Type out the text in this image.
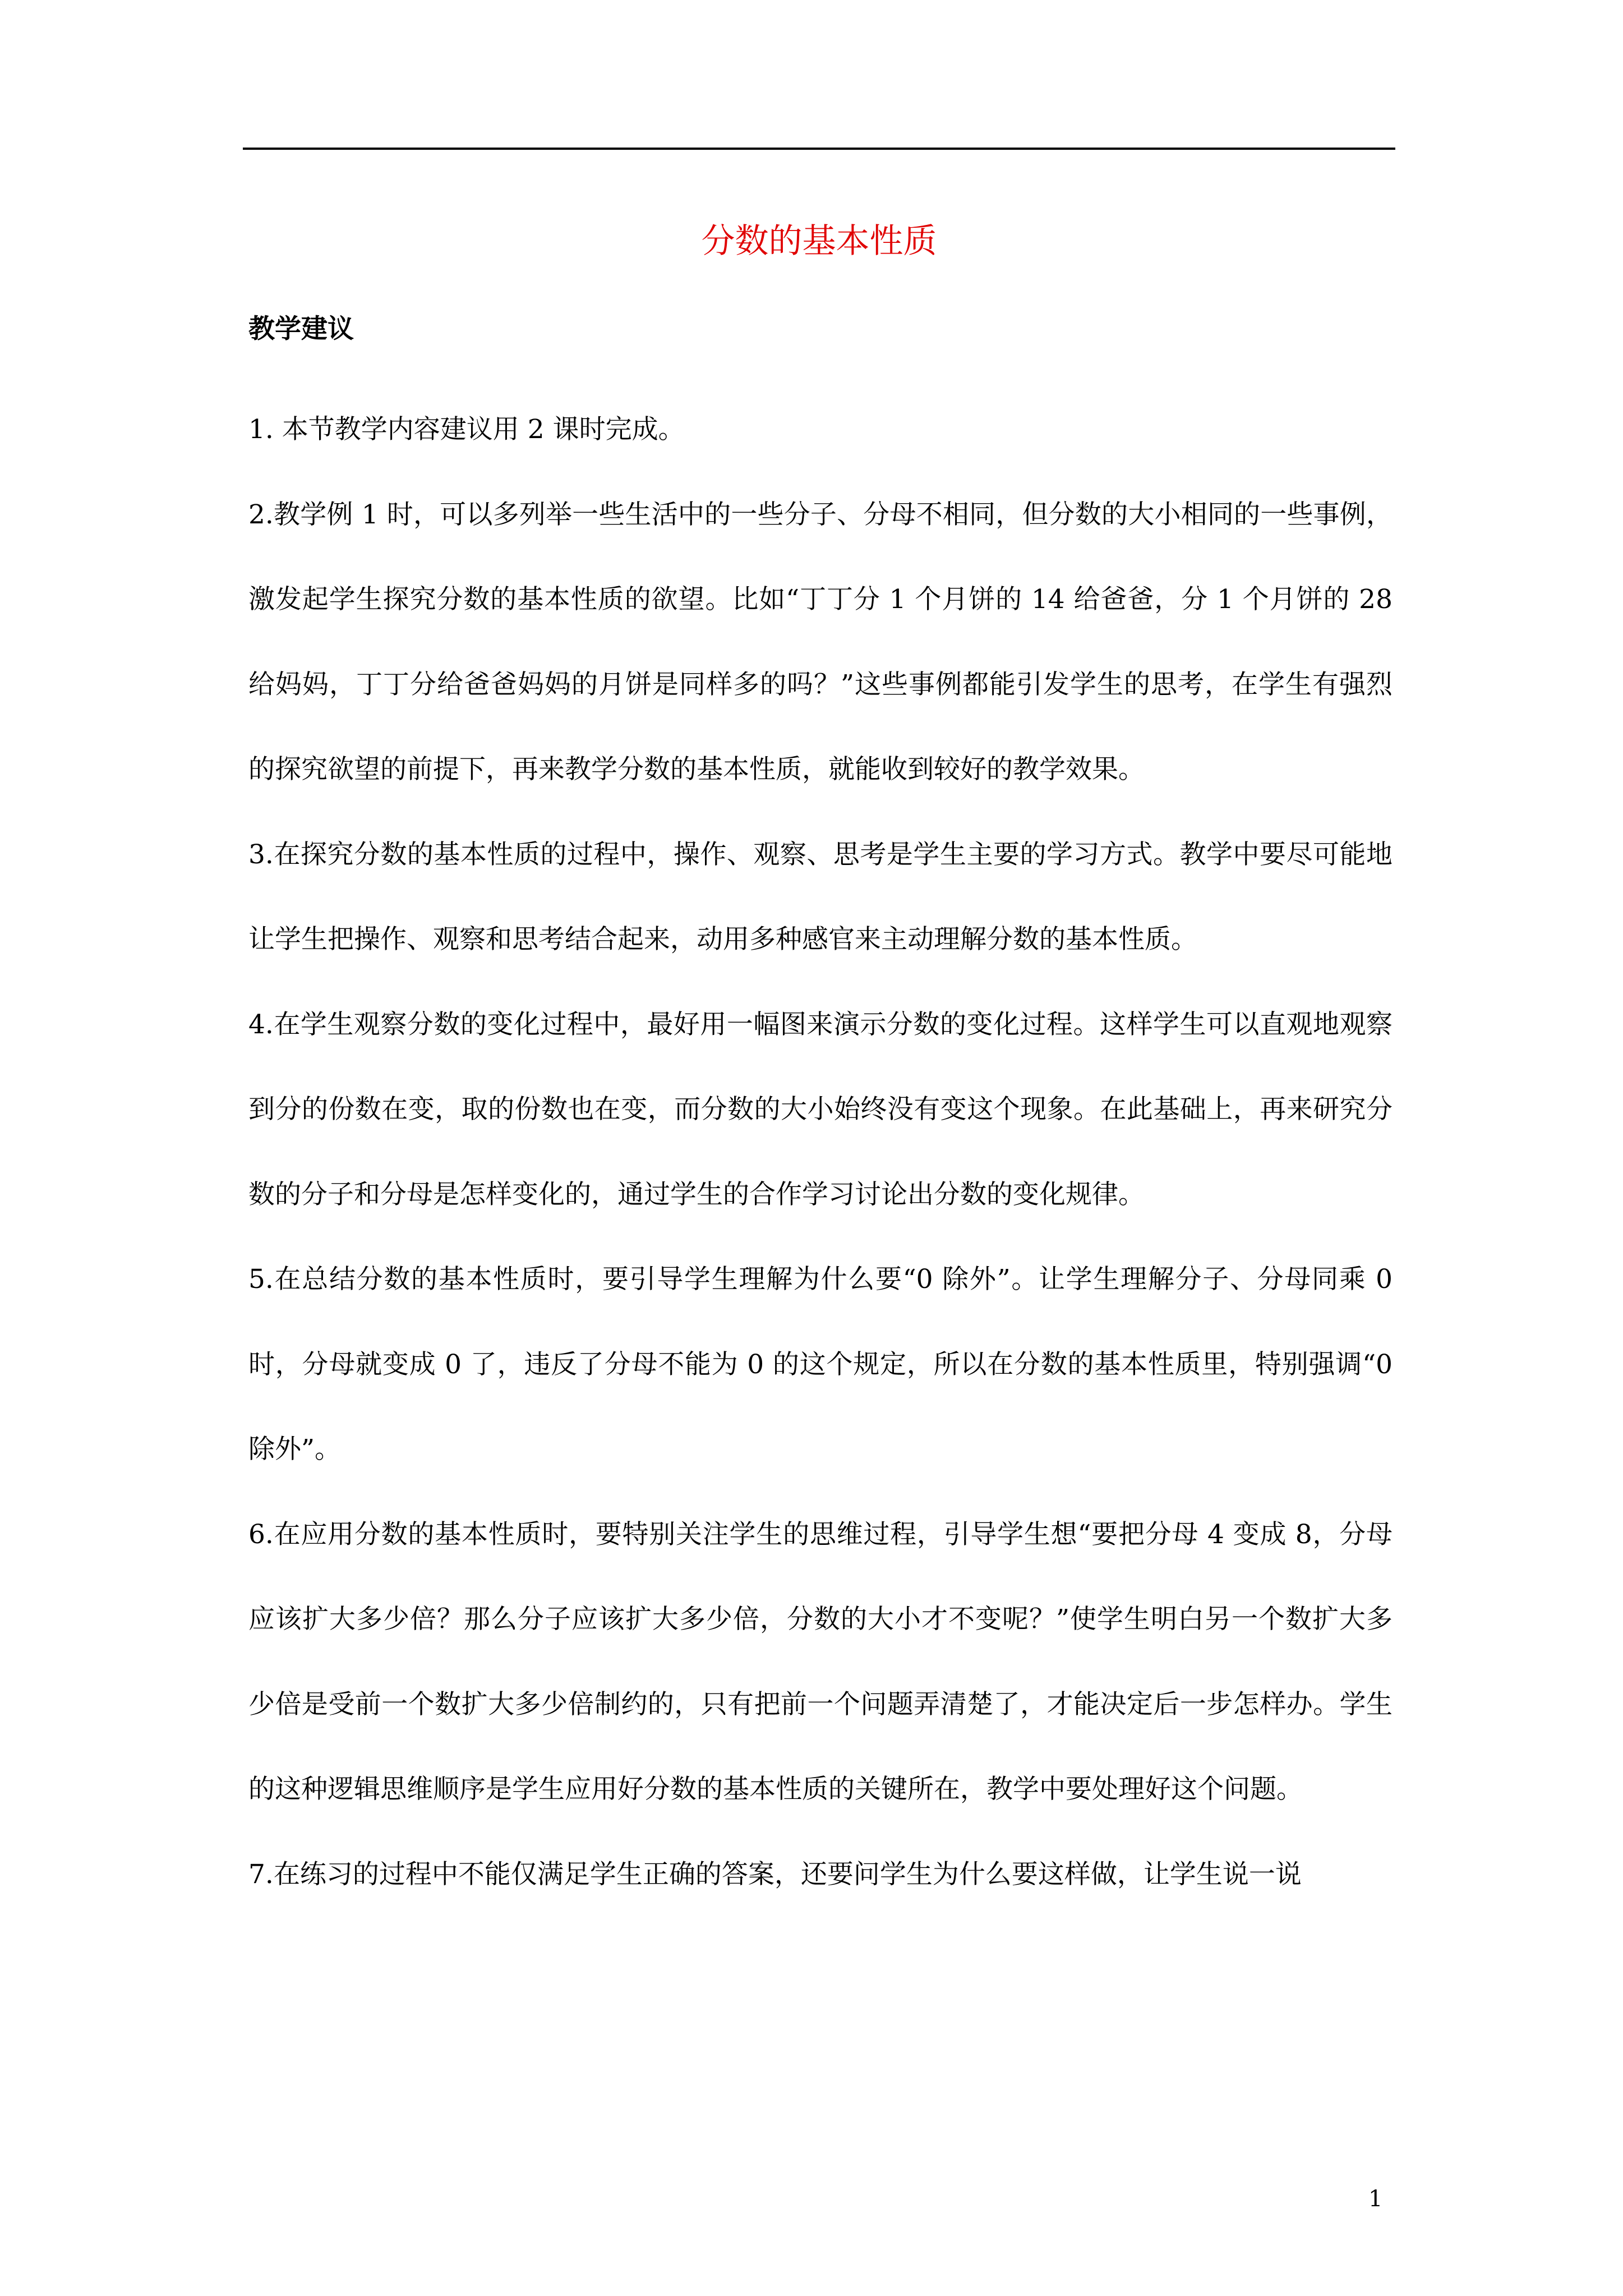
分数的基本性质
教学建议

1. 本节教学内容建议用 2 课时完成。

2.教学例 1 时，可以多列举一些生活中的一些分子、分母不相同，但分数的大小相同的一些事例，激发起学生探究分数的基本性质的欲望。比如“丁丁分 1 个月饼的 14 给爸爸，分 1 个月饼的 28 给妈妈，丁丁分给爸爸妈妈的月饼是同样多的吗？”这些事例都能引发学生的思考，在学生有强烈的探究欲望的前提下，再来教学分数的基本性质，就能收到较好的教学效果。

3.在探究分数的基本性质的过程中，操作、观察、思考是学生主要的学习方式。教学中要尽可能地让学生把操作、观察和思考结合起来，动用多种感官来主动理解分数的基本性质。

4.在学生观察分数的变化过程中，最好用一幅图来演示分数的变化过程。这样学生可以直观地观察到分的份数在变，取的份数也在变，而分数的大小始终没有变这个现象。在此基础上，再来研究分数的分子和分母是怎样变化的，通过学生的合作学习讨论出分数的变化规律。

5.在总结分数的基本性质时，要引导学生理解为什么要“0 除外”。让学生理解分子、分母同乘 0 时，分母就变成 0 了，违反了分母不能为 0 的这个规定，所以在分数的基本性质里，特别强调“0 除外”。

6.在应用分数的基本性质时，要特别关注学生的思维过程，引导学生想“要把分母 4 变成 8，分母应该扩大多少倍？那么分子应该扩大多少倍，分数的大小才不变呢？”使学生明白另一个数扩大多少倍是受前一个数扩大多少倍制约的，只有把前一个问题弄清楚了，才能决定后一步怎样办。学生的这种逻辑思维顺序是学生应用好分数的基本性质的关键所在，教学中要处理好这个问题。

7.在练习的过程中不能仅满足学生正确的答案，还要问学生为什么要这样做，让学生说一说

1
